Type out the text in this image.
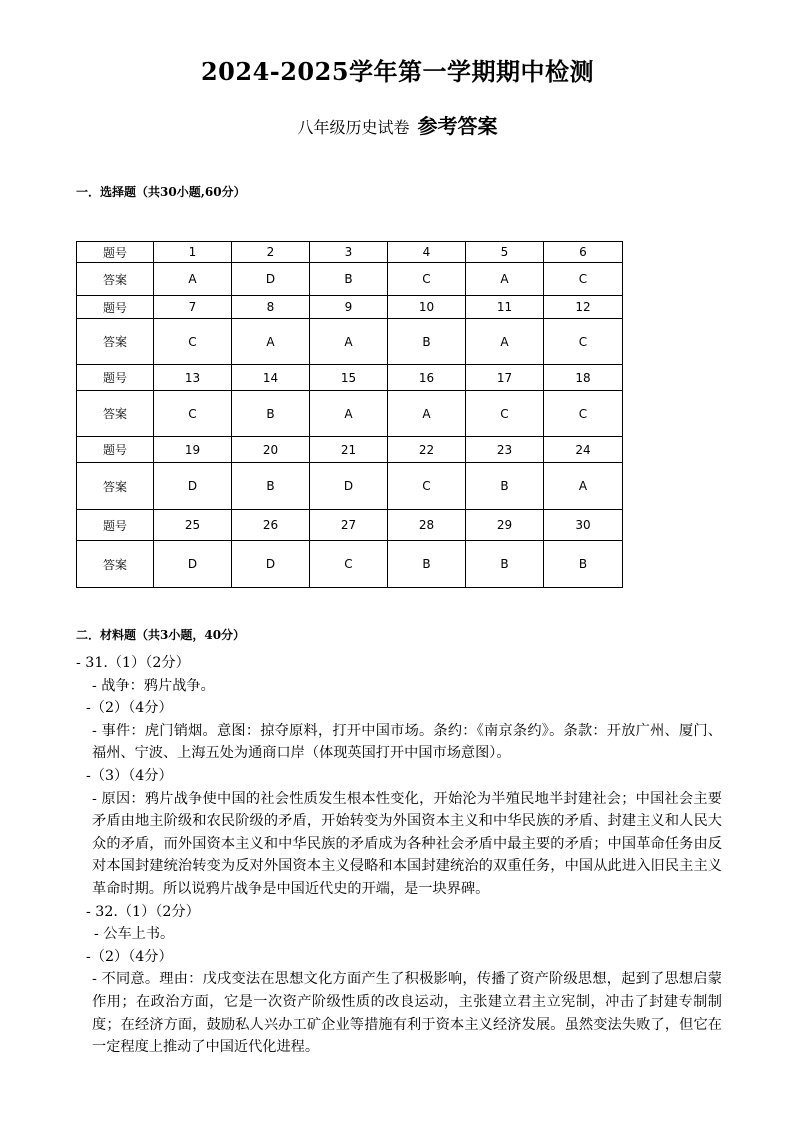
2024-2025学年第一学期期中检测
八年级历史试卷 参考答案
一．选择题（共30小题,60分）
题号	1	2	3	4	5	6
答案	A	D	B	C	A	C
题号	7	8	9	10	11	12
答案	C	A	A	B	A	C
题号	13	14	15	16	17	18
答案	C	B	A	A	C	C
题号	19	20	21	22	23	24
答案	D	B	D	C	B	A
题号	25	26	27	28	29	30
答案	D	D	C	B	B	B
二．材料题（共3小题，40分）
- 31.（1）（2分）
- 战争：鸦片战争。
-（2）（4分）
- 事件：虎门销烟。意图：掠夺原料，打开中国市场。条约：《南京条约》。条款：开放广州、厦门、福州、宁波、上海五处为通商口岸（体现英国打开中国市场意图）。
-（3）（4分）
- 原因：鸦片战争使中国的社会性质发生根本性变化，开始沦为半殖民地半封建社会；中国社会主要矛盾由地主阶级和农民阶级的矛盾，开始转变为外国资本主义和中华民族的矛盾、封建主义和人民大众的矛盾，而外国资本主义和中华民族的矛盾成为各种社会矛盾中最主要的矛盾；中国革命任务由反对本国封建统治转变为反对外国资本主义侵略和本国封建统治的双重任务，中国从此进入旧民主主义革命时期。所以说鸦片战争是中国近代史的开端，是一块界碑。
- 32.（1）（2分）
- 公车上书。
-（2）（4分）
- 不同意。理由：戊戌变法在思想文化方面产生了积极影响，传播了资产阶级思想，起到了思想启蒙作用；在政治方面，它是一次资产阶级性质的改良运动，主张建立君主立宪制，冲击了封建专制制度；在经济方面，鼓励私人兴办工矿企业等措施有利于资本主义经济发展。虽然变法失败了，但它在一定程度上推动了中国近代化进程。
